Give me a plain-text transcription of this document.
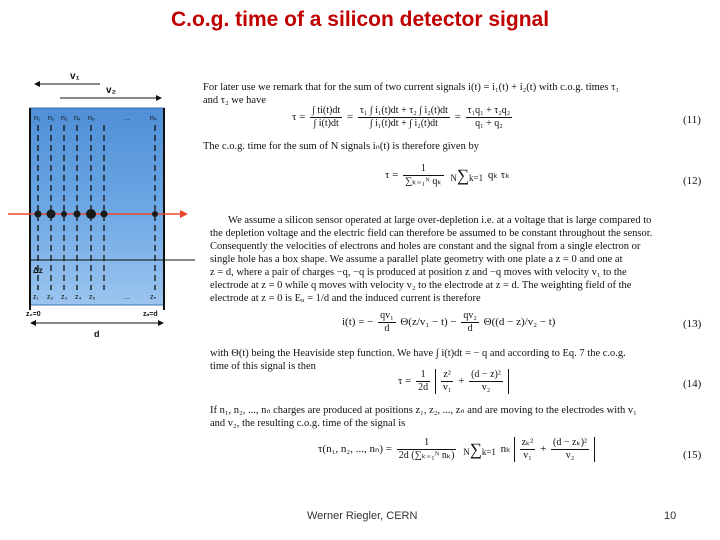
C.o.g. time of a silicon detector signal
v₁
v₂
n₁ n₂ n₃ n₄ n₅	...	nₙ
Δz
z₁ z₂ z₃ z₄ z₅	...	zₙ
z₀=0	zₙ=d
d
For later use we remark that for the sum of two current signals i(t) = i₁(t) + i₂(t) with c.o.g. times τ₁
and τ₂ we have
$\tau = \frac{\int ti(t)dt}{\int i(t)dt} = \frac{\text{τ₁ ∫ i₁(t)dt + τ₂ ∫ i₂(t)dt}}{\text{∫ i₁(t)dt + ∫ i₂(t)dt}} = \frac{\text{τ₁q₁ + τ₂q₂}}{\text{q₁ + q₂}}$	(11)
The c.o.g. time for the sum of N signals iₙ(t) is therefore given by
$\tau = \frac{1}{\text{∑ₖ₌₁ᴺ qₖ}} N\sum k=1$ qₖ τₖ	(12)
We assume a silicon sensor operated at large over-depletion i.e. at a voltage that is large compared to
the depletion voltage and the electric field can therefore be assumed to be constant throughout the sensor.
Consequently the velocities of electrons and holes are constant and the signal from a single electron or
single hole has a box shape. We assume a parallel plate geometry with one plate a z = 0 and one at
z = d, where a pair of charges −q, −q is produced at position z and −q moves with velocity v₁ to the
electrode at z = 0 while q moves with velocity v₂ to the electrode at z = d. The weighting field of the
electrode at z = 0 is Eᵤ = 1/d and the induced current is therefore
i(t) = − $\frac{\text{qv₁}}{d} \Theta(z/v_1 - t) - \frac{\text{qv₂}}{d} \Theta((d - z)/v_2 - t)$	(13)
with Θ(t) being the Heaviside step function. We have ∫ i(t)dt = − q and according to Eq. 7 the c.o.g.
time of this signal is then
$\tau = \frac{1}{2d}$
$\frac{\text{z²}}{\text{v₁}} + \frac{\text{(d − z)²}}{\text{v₂}}$	(14)
If n₁, n₂, ..., nₙ charges are produced at positions z₁, z₂, ..., zₙ and are moving to the electrodes with v₁
and v₂, the resulting c.o.g. time of the signal is
τ(n₁, n₂, ..., $n_n) = \frac{1}{\text{2d (∑ₖ₌₁ᴺ nₖ)}} N\sum k=1$ nₖ $\frac{\text{zₖ²}}{\text{v₁}} + \frac{\text{(d − zₖ)²}}{\text{v₂}}$	(15)
Werner Riegler, CERN	10
